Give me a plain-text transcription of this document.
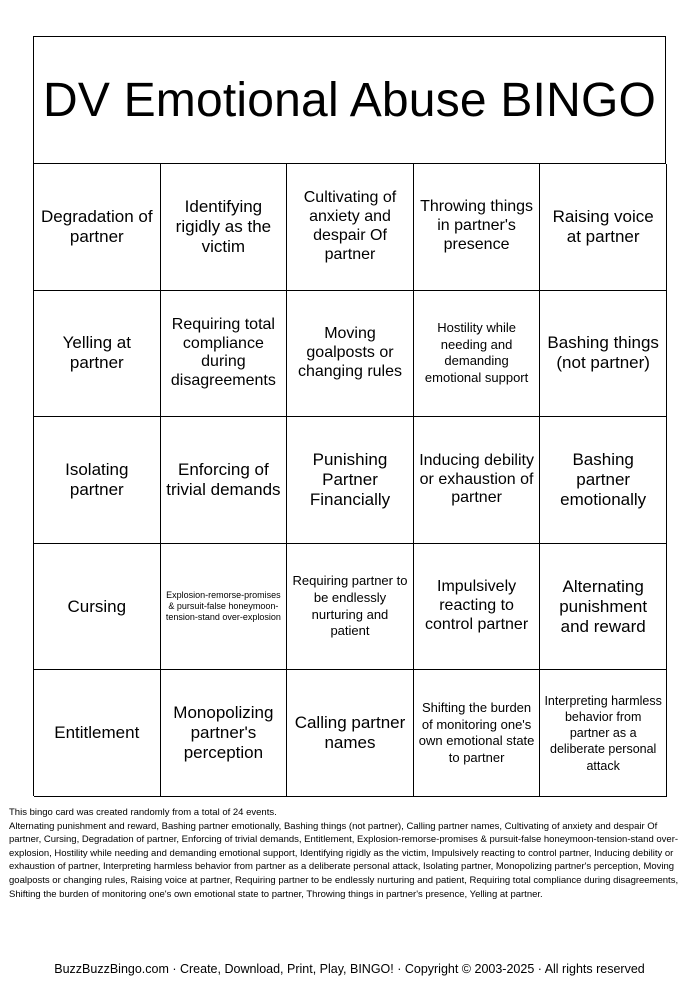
DV Emotional Abuse BINGO
Degradation of partner
Identifying rigidly as the victim
Cultivating of anxiety and despair Of partner
Throwing things in partner's presence
Raising voice at partner
Yelling at partner
Requiring total compliance during disagreements
Moving goalposts or changing rules
Hostility while needing and demanding emotional support
Bashing things (not partner)
Isolating partner
Enforcing of trivial demands
Punishing Partner Financially
Inducing debility or exhaustion of partner
Bashing partner emotionally
Cursing
Explosion-remorse-promises & pursuit-false honeymoon-tension-stand over-explosion
Requiring partner to be endlessly nurturing and patient
Impulsively reacting to control partner
Alternating punishment and reward
Entitlement
Monopolizing partner's perception
Calling partner names
Shifting the burden of monitoring one's own emotional state to partner
Interpreting harmless behavior from partner as a deliberate personal attack
This bingo card was created randomly from a total of 24 events.
Alternating punishment and reward, Bashing partner emotionally, Bashing things (not partner), Calling partner names, Cultivating of anxiety and despair Of partner, Cursing, Degradation of partner, Enforcing of trivial demands, Entitlement, Explosion-remorse-promises & pursuit-false honeymoon-tension-stand over-explosion, Hostility while needing and demanding emotional support, Identifying rigidly as the victim, Impulsively reacting to control partner, Inducing debility or exhaustion of partner, Interpreting harmless behavior from partner as a deliberate personal attack, Isolating partner, Monopolizing partner's perception, Moving goalposts or changing rules, Raising voice at partner, Requiring partner to be endlessly nurturing and patient, Requiring total compliance during disagreements, Shifting the burden of monitoring one's own emotional state to partner, Throwing things in partner's presence, Yelling at partner.
BuzzBuzzBingo.com · Create, Download, Print, Play, BINGO! · Copyright © 2003-2025 · All rights reserved
